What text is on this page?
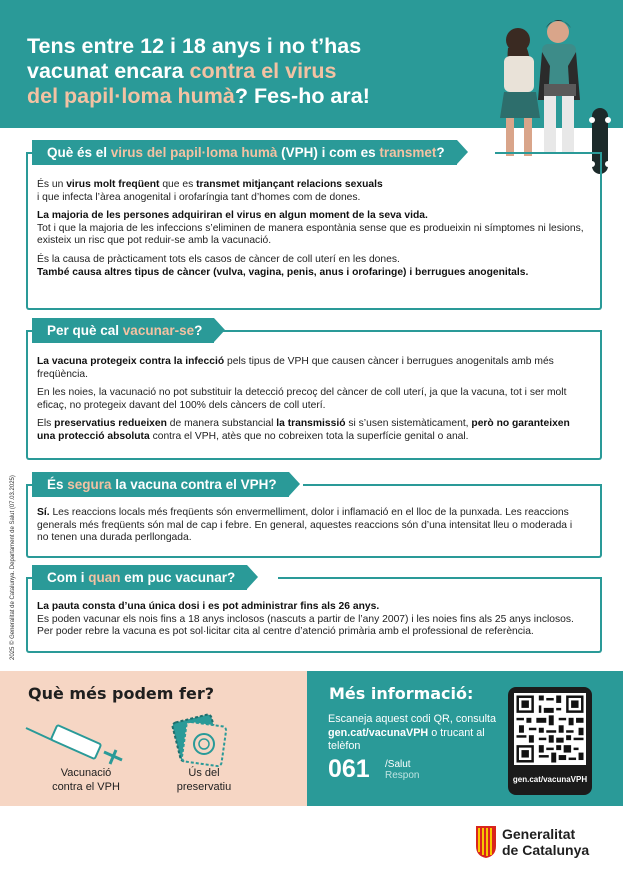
Tens entre 12 i 18 anys i no t’has
vacunat encara contra el virus
del papil·loma humà? Fes-ho ara!
Què és el virus del papil·loma humà (VPH) i com es transmet?

És un virus molt freqüent que es transmet mitjançant relacions sexuals
i que infecta l’àrea anogenital i orofaríngia tant d’homes com de dones.

La majoria de les persones adquiriran el virus en algun moment de la seva vida.
Tot i que la majoria de les infeccions s’eliminen de manera espontània sense que es produeixin ni símptomes ni lesions, existeix un risc que pot reduir-se amb la vacunació.

És la causa de pràcticament tots els casos de càncer de coll uterí en les dones.
També causa altres tipus de càncer (vulva, vagina, penis, anus i orofaringe) i berrugues anogenitals.

Per què cal vacunar-se?

La vacuna protegeix contra la infecció pels tipus de VPH que causen càncer i berrugues anogenitals amb més freqüència.

En les noies, la vacunació no pot substituir la detecció precoç del càncer de coll uterí, ja que la vacuna, tot i ser molt eficaç, no protegeix davant del 100% dels càncers de coll uterí.

Els preservatius redueixen de manera substancial la transmissió si s’usen sistemàticament, però no garanteixen una protecció absoluta contra el VPH, atès que no cobreixen tota la superfície genital o anal.

És segura la vacuna contra el VPH?

Sí. Les reaccions locals més freqüents són envermelliment, dolor i inflamació en el lloc de la punxada. Les reaccions generals més freqüents són mal de cap i febre. En general, aquestes reaccions són d’una intensitat lleu o moderada i no tenen una durada perllongada.

Com i quan em puc vacunar?

La pauta consta d’una única dosi i es pot administrar fins als 26 anys.
Es poden vacunar els nois fins a 18 anys inclosos (nascuts a partir de l’any 2007) i les noies fins als 25 anys inclosos. Per poder rebre la vacuna es pot sol·licitar cita al centre d’atenció primària amb el professional de referència.

2025 © Generalitat de Catalunya. Departament de Salut (07.03.2025)
Què més podem fer?
Vacunació
contra el VPH
Ús del
preservatiu
Més informació:
Escaneja aquest codi QR, consulta gen.cat/vacunaVPH o trucant al telèfon
061 /Salut
Respon	gen.cat/vacunaVPH
Generalitat
de Catalunya
